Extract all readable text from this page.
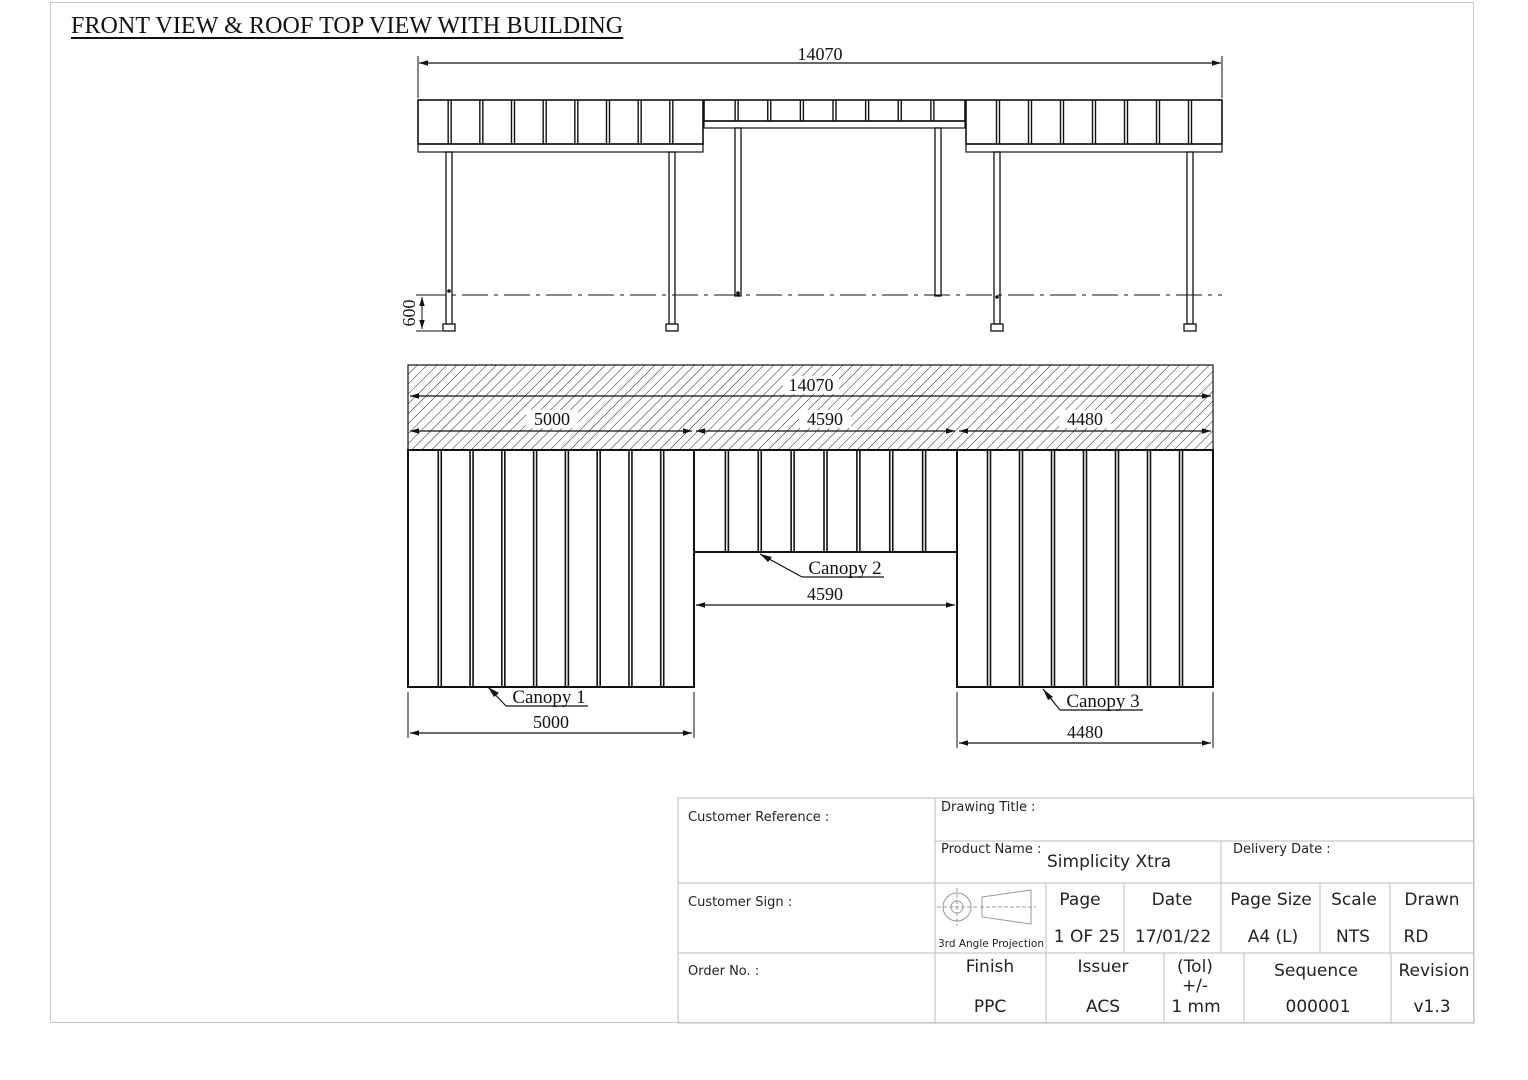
FRONT VIEW & ROOF TOP VIEW WITH BUILDING
14070
600
14070
5000	4590	4480
Canopy 1
Canopy 2
Canopy 3
5000
4590
4480
Customer Reference :
Customer Sign :
Order No. :
Drawing Title :
Product Name :
Simplicity Xtra
Delivery Date :
3rd Angle Projection
Page
1 OF 25
Date
17/01/22
Page Size
A4 (L)
Scale
NTS
Drawn
RD
Finish
PPC
Issuer
ACS
(Tol)
+/-
1 mm
Sequence
000001
Revision
v1.3
